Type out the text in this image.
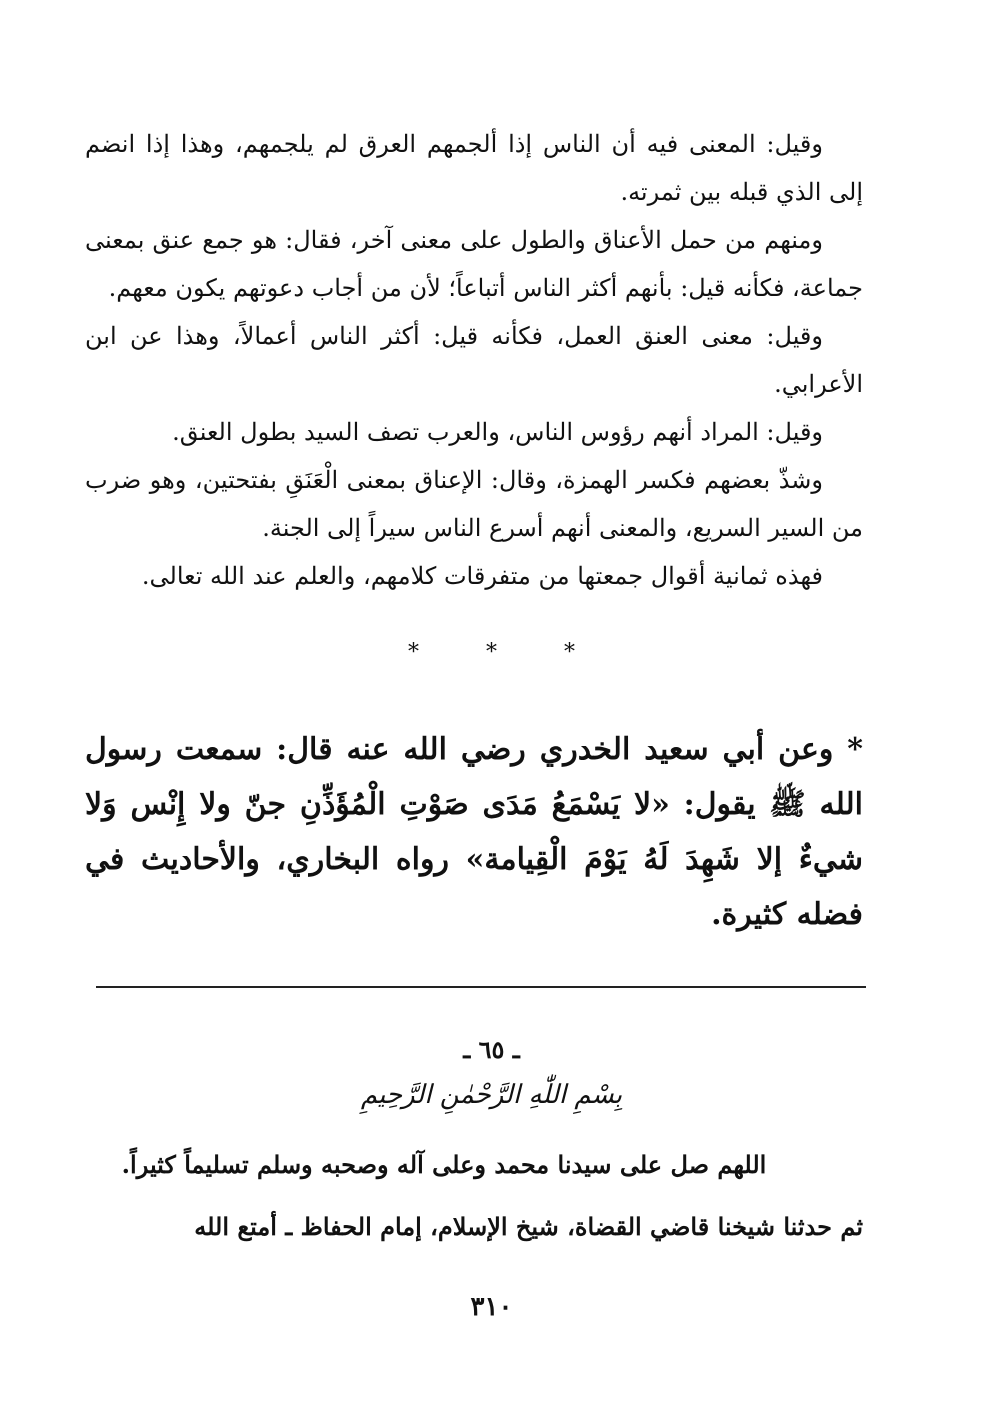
وقيل: المعنى فيه أن الناس إذا ألجمهم العرق لم يلجمهم، وهذا إذا انضم إلى الذي قبله بين ثمرته.

ومنهم من حمل الأعناق والطول على معنى آخر، فقال: هو جمع عنق بمعنى جماعة، فكأنه قيل: بأنهم أكثر الناس أتباعاً؛ لأن من أجاب دعوتهم يكون معهم.

وقيل: معنى العنق العمل، فكأنه قيل: أكثر الناس أعمالاً، وهذا عن ابن الأعرابي.

وقيل: المراد أنهم رؤوس الناس، والعرب تصف السيد بطول العنق.

وشذّ بعضهم فكسر الهمزة، وقال: الإعناق بمعنى الْعَنَقِ بفتحتين، وهو ضرب من السير السريع، والمعنى أنهم أسرع الناس سيراً إلى الجنة.

فهذه ثمانية أقوال جمعتها من متفرقات كلامهم، والعلم عند الله تعالى.

*	*	*

* وعن أبي سعيد الخدري رضي الله عنه قال: سمعت رسول الله ﷺ يقول: «لا يَسْمَعُ مَدَى صَوْتِ الْمُؤَذِّنِ جنّ ولا إِنْس وَلا شيءٌ إلا شَهِدَ لَهُ يَوْمَ الْقِيامة» رواه البخاري، والأحاديث في فضله كثيرة.

ـ ٦٥ ـ
بِسْمِ اللّٰهِ الرَّحْمٰنِ الرَّحِيمِ

اللهم صل على سيدنا محمد وعلى آله وصحبه وسلم تسليماً كثيراً.

ثم حدثنا شيخنا قاضي القضاة، شيخ الإسلام، إمام الحفاظ ـ أمتع الله

٣١٠
